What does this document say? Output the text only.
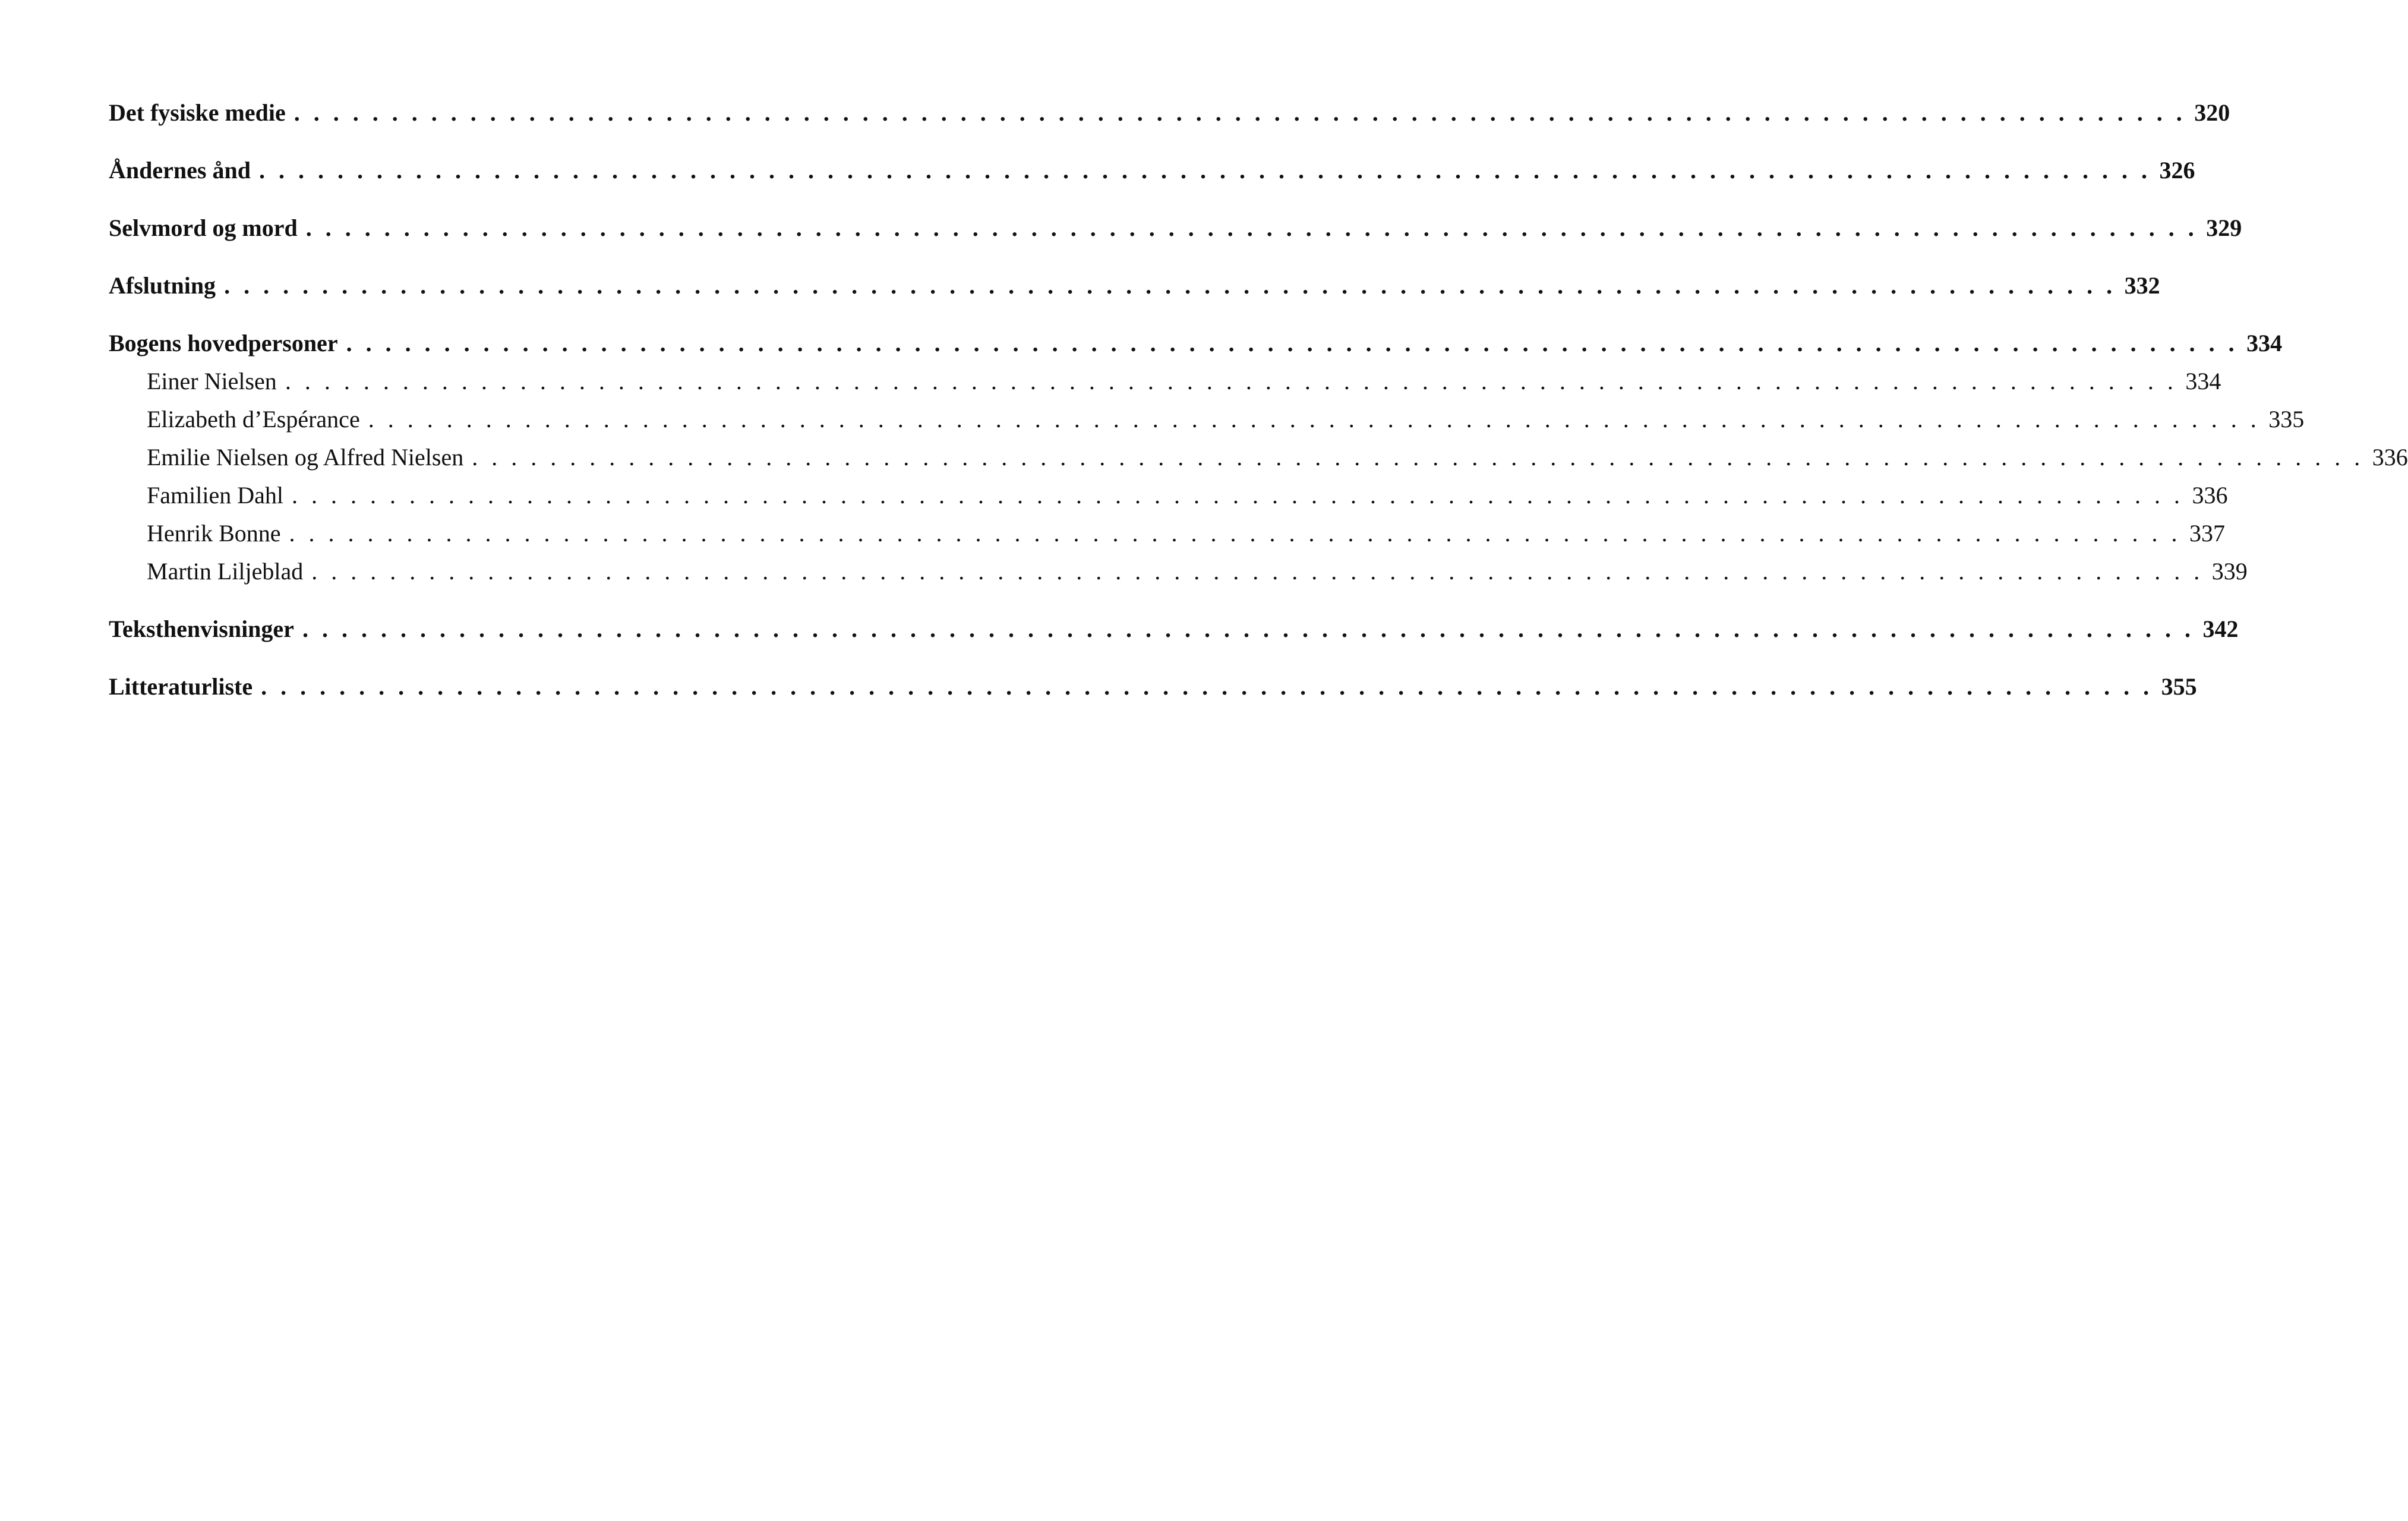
Det fysiske medie . . . . . . . . . . . . . . . . . . . . . . . . . . . . . . . . . . . . . . . . . . . . . . . . . . . . . . . . . . . . . . . . . . . . . . . . . . . . . . . . . . . . . . . . . . . . . . . . . 320
Åndernes ånd . . . . . . . . . . . . . . . . . . . . . . . . . . . . . . . . . . . . . . . . . . . . . . . . . . . . . . . . . . . . . . . . . . . . . . . . . . . . . . . . . . . . . . . . . . . . . . . . . 326
Selvmord og mord . . . . . . . . . . . . . . . . . . . . . . . . . . . . . . . . . . . . . . . . . . . . . . . . . . . . . . . . . . . . . . . . . . . . . . . . . . . . . . . . . . . . . . . . . . . . . . . . . 329
Afslutning . . . . . . . . . . . . . . . . . . . . . . . . . . . . . . . . . . . . . . . . . . . . . . . . . . . . . . . . . . . . . . . . . . . . . . . . . . . . . . . . . . . . . . . . . . . . . . . . . 332
Bogens hovedpersoner . . . . . . . . . . . . . . . . . . . . . . . . . . . . . . . . . . . . . . . . . . . . . . . . . . . . . . . . . . . . . . . . . . . . . . . . . . . . . . . . . . . . . . . . . . . . . . . . . 334
Einer Nielsen . . . . . . . . . . . . . . . . . . . . . . . . . . . . . . . . . . . . . . . . . . . . . . . . . . . . . . . . . . . . . . . . . . . . . . . . . . . . . . . . . . . . . . . . . . . . . . . . . 334
Elizabeth d’Espérance . . . . . . . . . . . . . . . . . . . . . . . . . . . . . . . . . . . . . . . . . . . . . . . . . . . . . . . . . . . . . . . . . . . . . . . . . . . . . . . . . . . . . . . . . . . . . . . . . 335
Emilie Nielsen og Alfred Nielsen . . . . . . . . . . . . . . . . . . . . . . . . . . . . . . . . . . . . . . . . . . . . . . . . . . . . . . . . . . . . . . . . . . . . . . . . . . . . . . . . . . . . . . . . . . . . . . . . . 336
Familien Dahl . . . . . . . . . . . . . . . . . . . . . . . . . . . . . . . . . . . . . . . . . . . . . . . . . . . . . . . . . . . . . . . . . . . . . . . . . . . . . . . . . . . . . . . . . . . . . . . . . 336
Henrik Bonne . . . . . . . . . . . . . . . . . . . . . . . . . . . . . . . . . . . . . . . . . . . . . . . . . . . . . . . . . . . . . . . . . . . . . . . . . . . . . . . . . . . . . . . . . . . . . . . . . 337
Martin Liljeblad . . . . . . . . . . . . . . . . . . . . . . . . . . . . . . . . . . . . . . . . . . . . . . . . . . . . . . . . . . . . . . . . . . . . . . . . . . . . . . . . . . . . . . . . . . . . . . . . . 339
Teksthenvisninger . . . . . . . . . . . . . . . . . . . . . . . . . . . . . . . . . . . . . . . . . . . . . . . . . . . . . . . . . . . . . . . . . . . . . . . . . . . . . . . . . . . . . . . . . . . . . . . . . 342
Litteraturliste . . . . . . . . . . . . . . . . . . . . . . . . . . . . . . . . . . . . . . . . . . . . . . . . . . . . . . . . . . . . . . . . . . . . . . . . . . . . . . . . . . . . . . . . . . . . . . . . . 355
